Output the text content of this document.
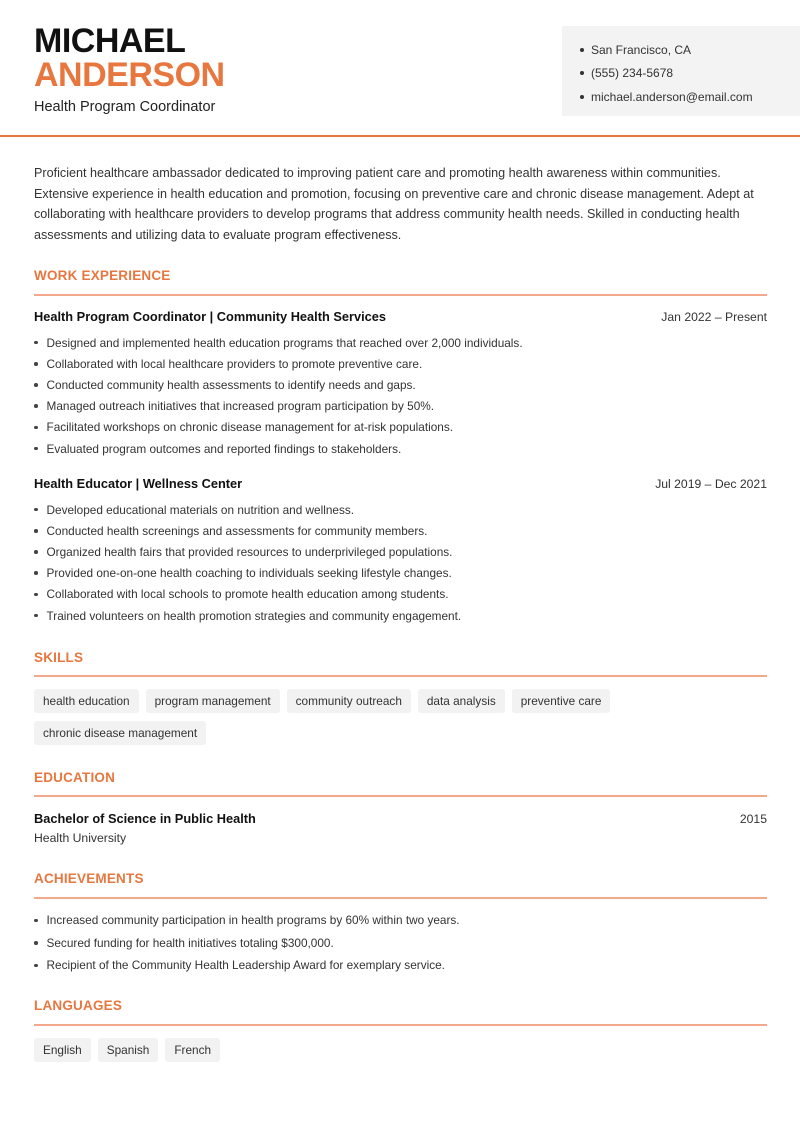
MICHAEL
ANDERSON
Health Program Coordinator
San Francisco, CA
(555) 234-5678
michael.anderson@email.com

Proficient healthcare ambassador dedicated to improving patient care and promoting health awareness within communities. Extensive experience in health education and promotion, focusing on preventive care and chronic disease management. Adept at collaborating with healthcare providers to develop programs that address community health needs. Skilled in conducting health assessments and utilizing data to evaluate program effectiveness.

WORK EXPERIENCE
Health Program Coordinator | Community Health Services	Jan 2022 – Present
Designed and implemented health education programs that reached over 2,000 individuals.
Collaborated with local healthcare providers to promote preventive care.
Conducted community health assessments to identify needs and gaps.
Managed outreach initiatives that increased program participation by 50%.
Facilitated workshops on chronic disease management for at-risk populations.
Evaluated program outcomes and reported findings to stakeholders.
Health Educator | Wellness Center	Jul 2019 – Dec 2021
Developed educational materials on nutrition and wellness.
Conducted health screenings and assessments for community members.
Organized health fairs that provided resources to underprivileged populations.
Provided one-on-one health coaching to individuals seeking lifestyle changes.
Collaborated with local schools to promote health education among students.
Trained volunteers on health promotion strategies and community engagement.
SKILLS
health education	program management	community outreach	data analysis	preventive care
chronic disease management
EDUCATION
Bachelor of Science in Public Health	2015
Health University
ACHIEVEMENTS
Increased community participation in health programs by 60% within two years.
Secured funding for health initiatives totaling $300,000.
Recipient of the Community Health Leadership Award for exemplary service.
LANGUAGES
English	Spanish	French
